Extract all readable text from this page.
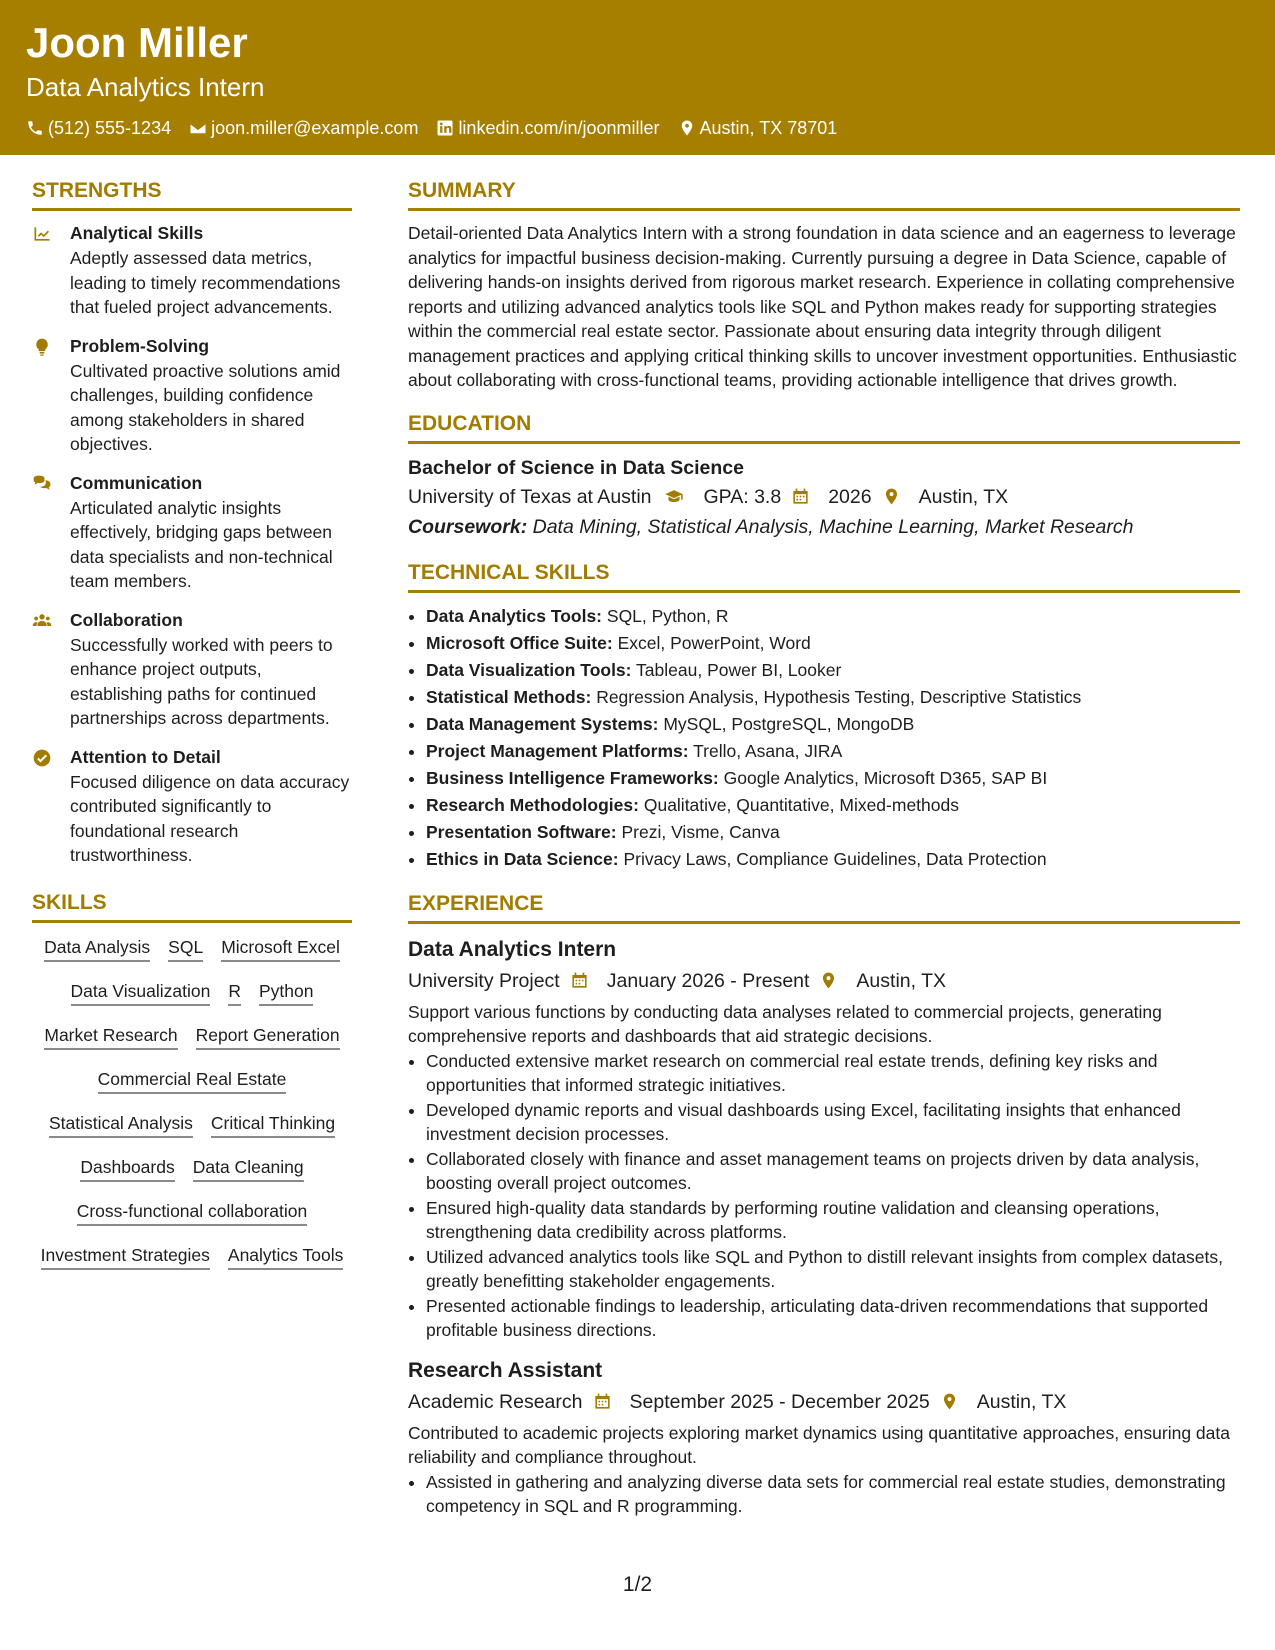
Joon Miller
Data Analytics Intern
(512) 555-1234 joon.miller@example.com linkedin.com/in/joonmiller Austin, TX 78701
STRENGTHS
Analytical Skills
Adeptly assessed data metrics, leading to timely recommendations that fueled project advancements.
Problem-Solving
Cultivated proactive solutions amid challenges, building confidence among stakeholders in shared objectives.
Communication
Articulated analytic insights effectively, bridging gaps between data specialists and non-technical team members.
Collaboration
Successfully worked with peers to enhance project outputs, establishing paths for continued partnerships across departments.
Attention to Detail
Focused diligence on data accuracy contributed significantly to foundational research trustworthiness.
SKILLS
Data Analysis SQL Microsoft Excel
Data Visualization R Python
Market Research Report Generation
Commercial Real Estate
Statistical Analysis Critical Thinking
Dashboards Data Cleaning
Cross-functional collaboration
Investment Strategies Analytics Tools
SUMMARY
Detail-oriented Data Analytics Intern with a strong foundation in data science and an eagerness to leverage analytics for impactful business decision-making. Currently pursuing a degree in Data Science, capable of delivering hands-on insights derived from rigorous market research. Experience in collating comprehensive reports and utilizing advanced analytics tools like SQL and Python makes ready for supporting strategies within the commercial real estate sector. Passionate about ensuring data integrity through diligent management practices and applying critical thinking skills to uncover investment opportunities. Enthusiastic about collaborating with cross-functional teams, providing actionable intelligence that drives growth.
EDUCATION
Bachelor of Science in Data Science
University of Texas at Austin	GPA: 3.8 2026 Austin, TX
Coursework: Data Mining, Statistical Analysis, Machine Learning, Market Research
TECHNICAL SKILLS
• Data Analytics Tools: SQL, Python, R
• Microsoft Office Suite: Excel, PowerPoint, Word
• Data Visualization Tools: Tableau, Power BI, Looker
• Statistical Methods: Regression Analysis, Hypothesis Testing, Descriptive Statistics
• Data Management Systems: MySQL, PostgreSQL, MongoDB
• Project Management Platforms: Trello, Asana, JIRA
• Business Intelligence Frameworks: Google Analytics, Microsoft D365, SAP BI
• Research Methodologies: Qualitative, Quantitative, Mixed-methods
• Presentation Software: Prezi, Visme, Canva
• Ethics in Data Science: Privacy Laws, Compliance Guidelines, Data Protection
EXPERIENCE
Data Analytics Intern
University Project January 2026 - Present Austin, TX
Support various functions by conducting data analyses related to commercial projects, generating comprehensive reports and dashboards that aid strategic decisions.
• Conducted extensive market research on commercial real estate trends, defining key risks and opportunities that informed strategic initiatives.
• Developed dynamic reports and visual dashboards using Excel, facilitating insights that enhanced investment decision processes.
• Collaborated closely with finance and asset management teams on projects driven by data analysis, boosting overall project outcomes.
• Ensured high-quality data standards by performing routine validation and cleansing operations, strengthening data credibility across platforms.
• Utilized advanced analytics tools like SQL and Python to distill relevant insights from complex datasets, greatly benefitting stakeholder engagements.
• Presented actionable findings to leadership, articulating data-driven recommendations that supported profitable business directions.
Research Assistant
Academic Research September 2025 - December 2025 Austin, TX
Contributed to academic projects exploring market dynamics using quantitative approaches, ensuring data reliability and compliance throughout.
• Assisted in gathering and analyzing diverse data sets for commercial real estate studies, demonstrating competency in SQL and R programming.
1/2
